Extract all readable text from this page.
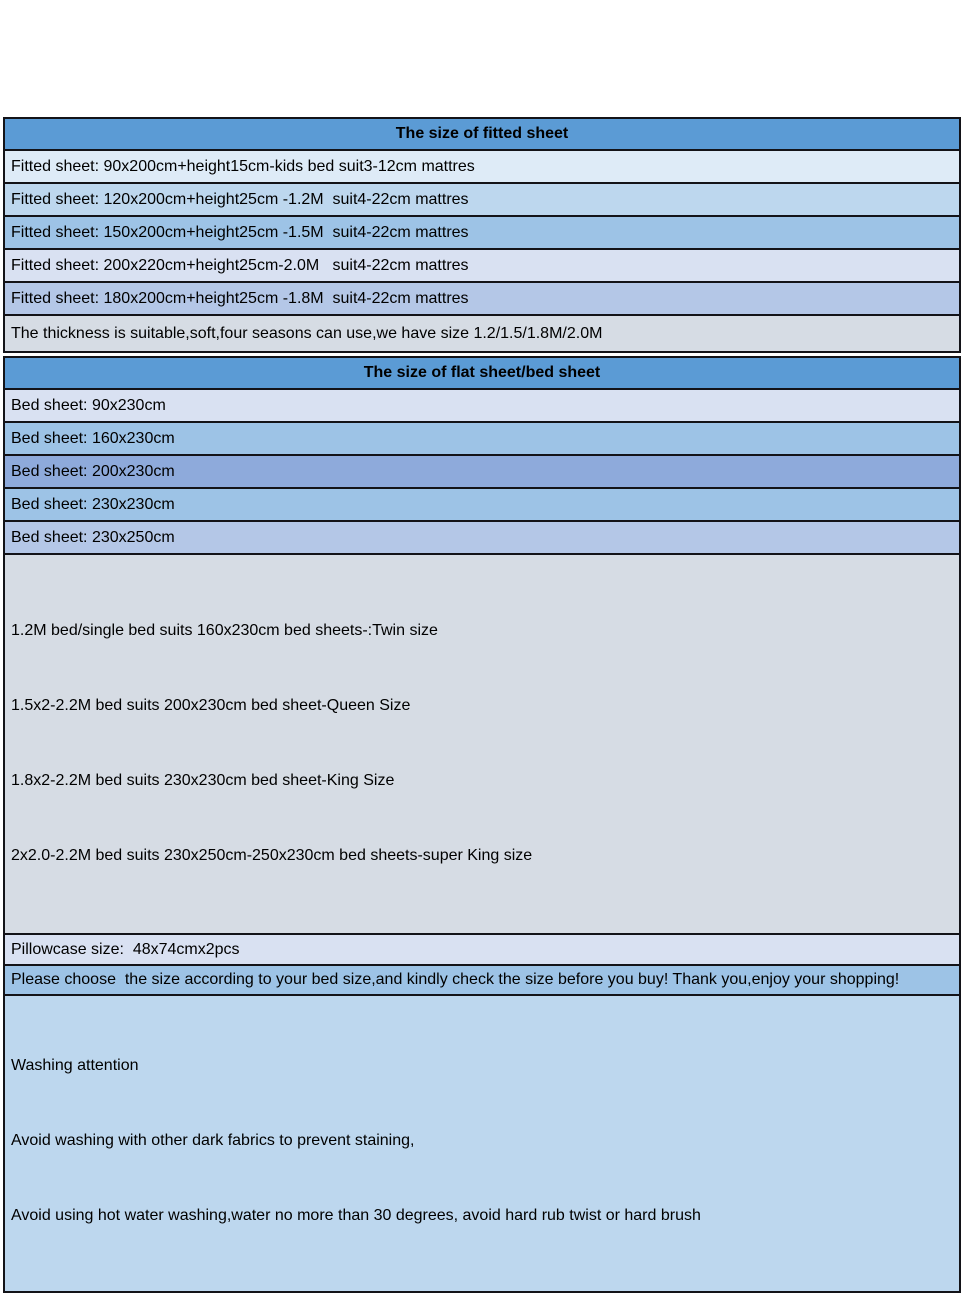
The size of fitted sheet
Fitted sheet: 90x200cm+height15cm-kids bed suit3-12cm mattres
Fitted sheet: 120x200cm+height25cm -1.2M  suit4-22cm mattres
Fitted sheet: 150x200cm+height25cm -1.5M  suit4-22cm mattres
Fitted sheet: 200x220cm+height25cm-2.0M   suit4-22cm mattres
Fitted sheet: 180x200cm+height25cm -1.8M  suit4-22cm mattres
The thickness is suitable,soft,four seasons can use,we have size 1.2/1.5/1.8M/2.0M
The size of flat sheet/bed sheet
Bed sheet: 90x230cm
Bed sheet: 160x230cm
Bed sheet: 200x230cm
Bed sheet: 230x230cm
Bed sheet: 230x250cm

1.2M bed/single bed suits 160x230cm bed sheets-:Twin size

1.5x2-2.2M bed suits 200x230cm bed sheet-Queen Size

1.8x2-2.2M bed suits 230x230cm bed sheet-King Size

2x2.0-2.2M bed suits 230x250cm-250x230cm bed sheets-super King size

Pillowcase size:  48x74cmx2pcs
Please choose  the size according to your bed size,and kindly check the size before you buy! Thank you,enjoy your shopping!

Washing attention

Avoid washing with other dark fabrics to prevent staining,

Avoid using hot water washing,water no more than 30 degrees, avoid hard rub twist or hard brush
